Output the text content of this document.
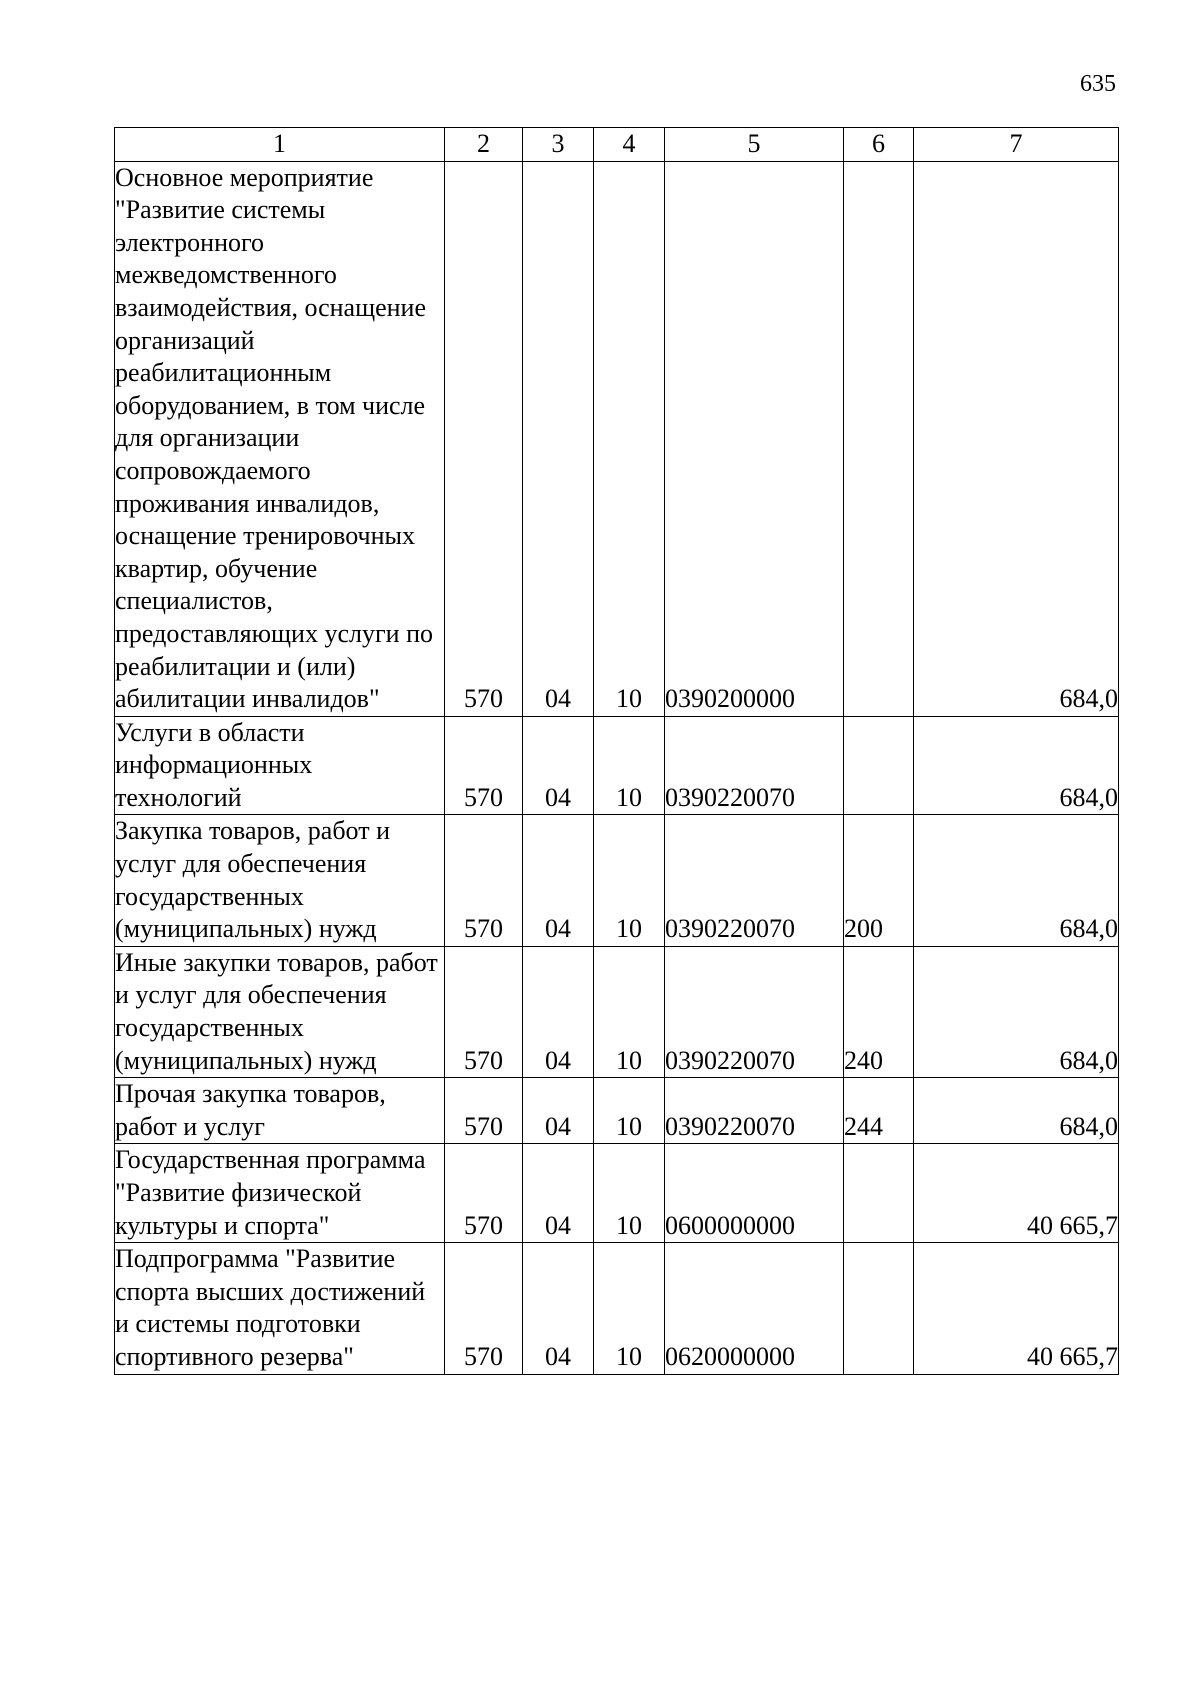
635
1	2	3	4	5	6	7
Основное мероприятие "Развитие системы электронного межведомственного взаимодействия, оснащение организаций реабилитационным оборудованием, в том числе для организации сопровождаемого проживания инвалидов, оснащение тренировочных квартир, обучение специалистов, предоставляющих услуги по реабилитации и (или) абилитации инвалидов"	570	04	10	0390200000		684,0
Услуги в области информационных технологий	570	04	10	0390220070		684,0
Закупка товаров, работ и услуг для обеспечения государственных (муниципальных) нужд	570	04	10	0390220070	200	684,0
Иные закупки товаров, работ и услуг для обеспечения государственных (муниципальных) нужд	570	04	10	0390220070	240	684,0
Прочая закупка товаров, работ и услуг	570	04	10	0390220070	244	684,0
Государственная программа "Развитие физической культуры и спорта"	570	04	10	0600000000		40 665,7
Подпрограмма "Развитие спорта высших достижений и системы подготовки спортивного резерва"	570	04	10	0620000000		40 665,7
